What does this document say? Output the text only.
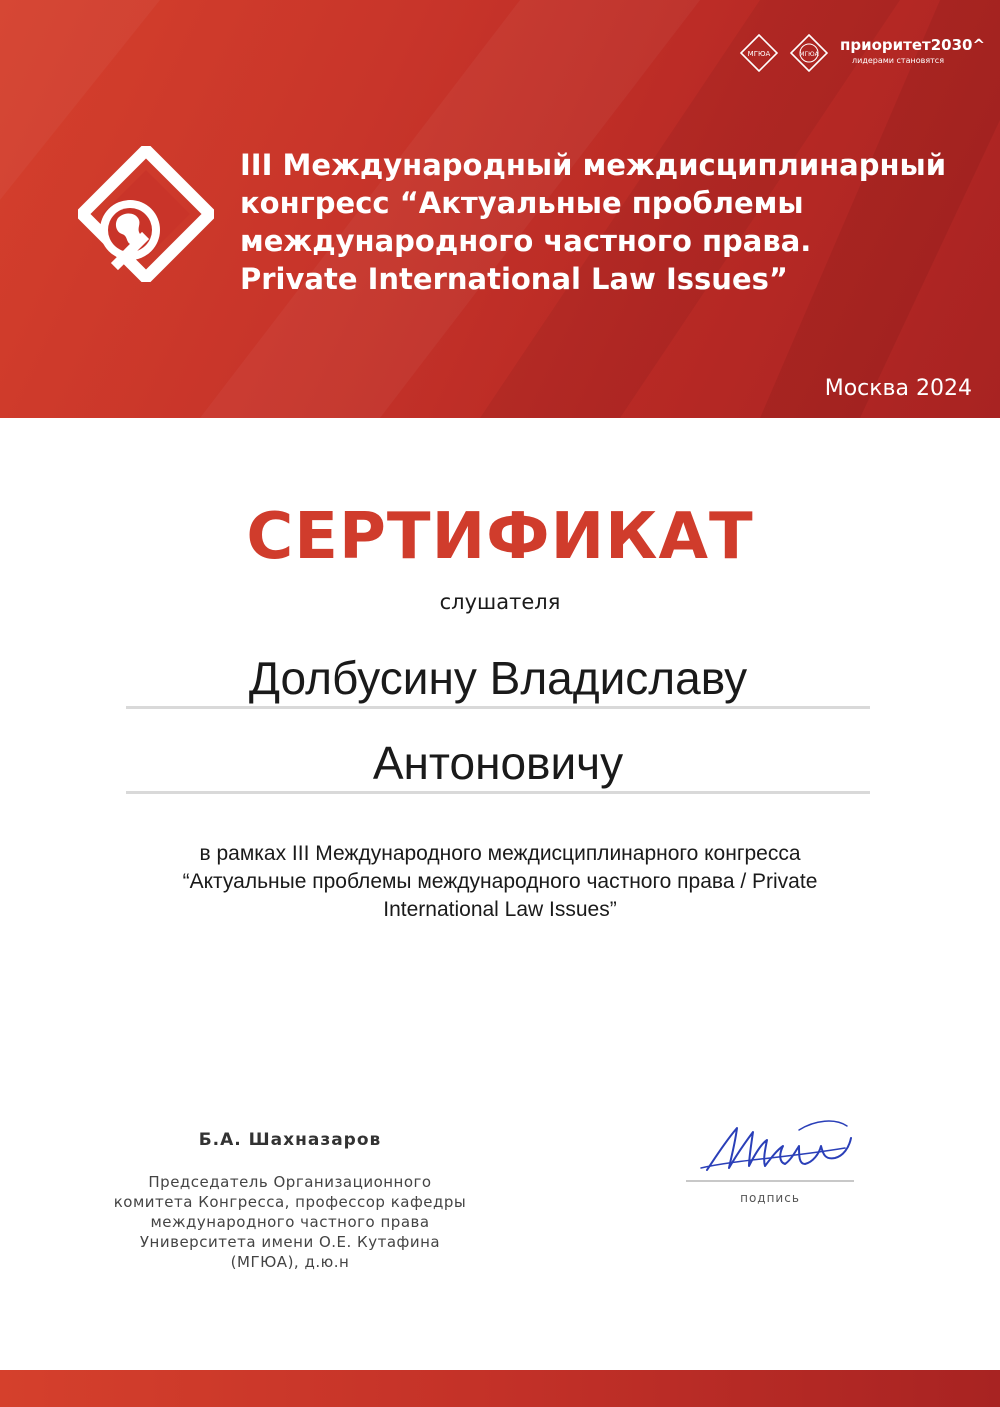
III Международный междисциплинарный
конгресс “Актуальные проблемы
международного частного права.
Private International Law Issues”
Москва 2024
МГЮА	МГЮА
приоритет2030^
лидерами становятся
СЕРТИФИКАТ
слушателя
Долбусину Владиславу
Антоновичу
в рамках III Международного междисциплинарного конгресса
“Актуальные проблемы международного частного права / Private
International Law Issues”
Б.А. Шахназаров
Председатель Организационного
комитета Конгресса, профессор кафедры
международного частного права
Университета имени О.Е. Кутафина
(МГЮА), д.ю.н
подпись
